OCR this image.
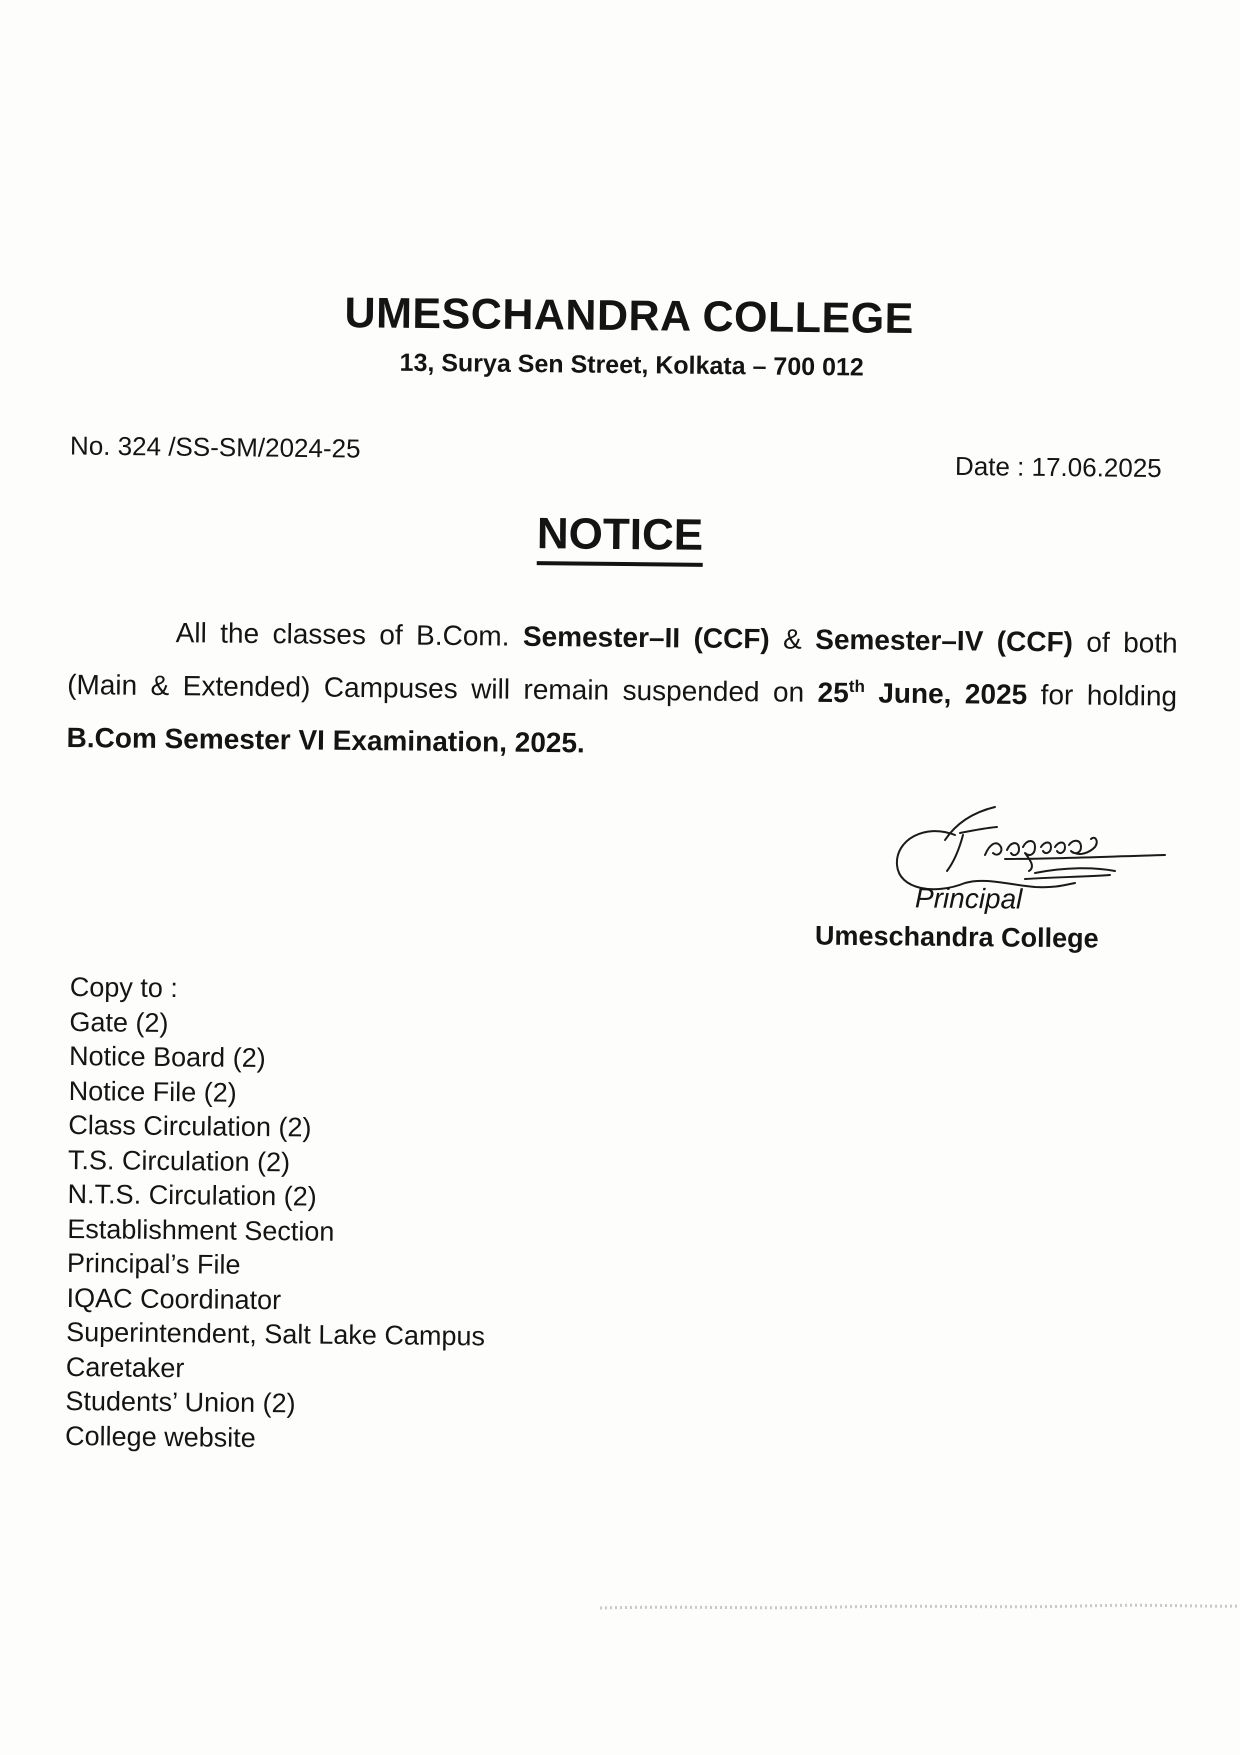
UMESCHANDRA COLLEGE
13, Surya Sen Street, Kolkata – 700 012
No. 324 /SS-SM/2024-25
Date : 17.06.2025
NOTICE
All the classes of B.Com. Semester–II (CCF) & Semester–IV (CCF) of both (Main & Extended) Campuses will remain suspended on 25th June, 2025 for holding B.Com Semester VI Examination, 2025.
Principal
Umeschandra College
Copy to :
Gate (2)
Notice Board (2)
Notice File (2)
Class Circulation (2)
T.S. Circulation (2)
N.T.S. Circulation (2)
Establishment Section
Principal’s File
IQAC Coordinator
Superintendent, Salt Lake Campus
Caretaker
Students’ Union (2)
College website
